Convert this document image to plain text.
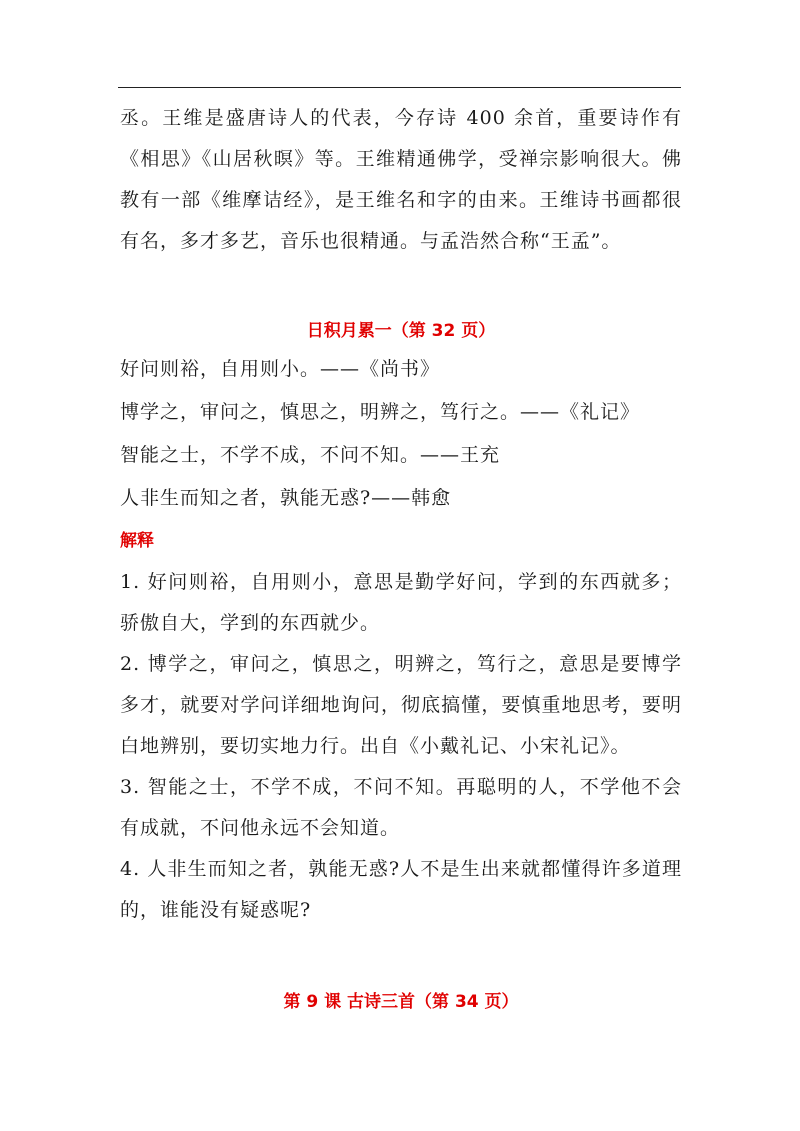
丞。王维是盛唐诗人的代表，今存诗 400 余首，重要诗作有《相思》《山居秋暝》等。王维精通佛学，受禅宗影响很大。佛教有一部《维摩诘经》，是王维名和字的由来。王维诗书画都很有名，多才多艺，音乐也很精通。与孟浩然合称“王孟”。

日积月累一（第 32 页）
好问则裕，自用则小。——《尚书》
博学之，审问之，慎思之，明辨之，笃行之。——《礼记》
智能之士，不学不成，不问不知。——王充
人非生而知之者，孰能无惑?——韩愈
解释
1. 好问则裕，自用则小，意思是勤学好问，学到的东西就多；骄傲自大，学到的东西就少。
2. 博学之，审问之，慎思之，明辨之，笃行之，意思是要博学多才，就要对学问详细地询问，彻底搞懂，要慎重地思考，要明白地辨别，要切实地力行。出自《小戴礼记、小宋礼记》。
3. 智能之士，不学不成，不问不知。再聪明的人，不学他不会有成就，不问他永远不会知道。
4. 人非生而知之者，孰能无惑?人不是生出来就都懂得许多道理的，谁能没有疑惑呢?
第 9 课 古诗三首（第 34 页）
